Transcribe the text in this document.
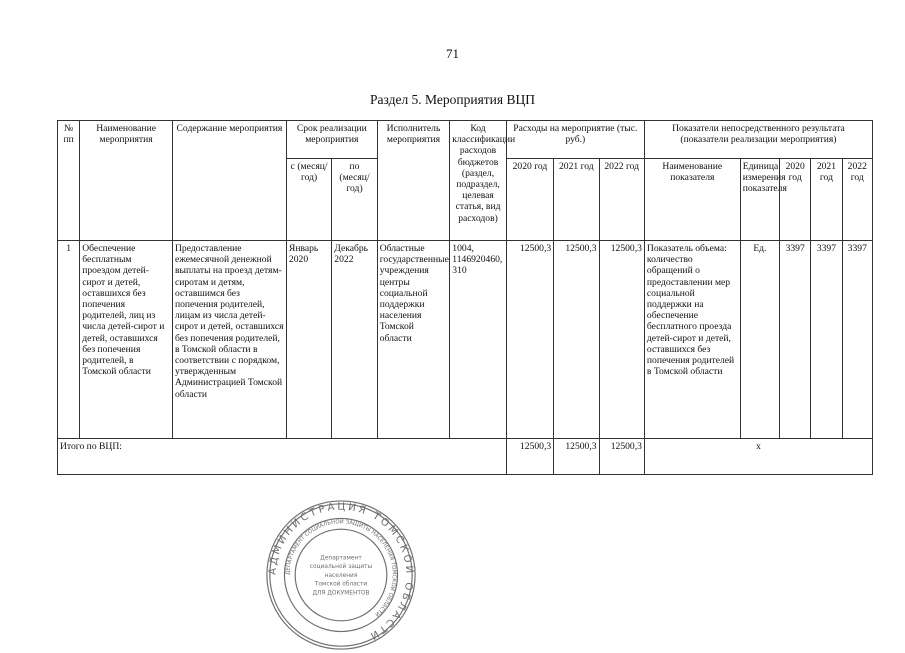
71
Раздел 5. Мероприятия ВЦП
№ пп	Наименование мероприятия	Содержание мероприятия	Срок реализации мероприятия		Исполнитель мероприятия	Код классификации расходов бюджетов (раздел, подраздел, целевая статья, вид расходов)	Расходы на мероприятие (тыс. руб.)			Показатели непосредственного результата (показатели реализации мероприятия)				
			с (месяц/ год)	по (месяц/ год)			2020 год	2021 год	2022 год	Наименование показателя	Единица измерения показателя	2020 год	2021 год	2022 год
1	Обеспечение бесплатным проездом детей-сирот и детей, оставшихся без попечения родителей, лиц из числа детей-сирот и детей, оставшихся без попечения родителей, в Томской области	Предоставление ежемесячной денежной выплаты на проезд детям-сиротам и детям, оставшимся без попечения родителей, лицам из числа детей-сирот и детей, оставшихся без попечения родителей, в Томской области в соответствии с порядком, утвержденным Администрацией Томской области	Январь 2020	Декабрь 2022	Областные государственные учреждения центры социальной поддержки населения Томской области	1004, 1146920460, 310	12500,3	12500,3	12500,3	Показатель объема: количество обращений о предоставлении мер социальной поддержки на обеспечение бесплатного проезда детей-сирот и детей, оставшихся без попечения родителей в Томской области	Ед.	3397	3397	3397
Итого по ВЦП:							12500,3	12500,3	12500,3	х				
АДМИНИСТРАЦИЯ ТОМСКОЙ ОБЛАСТИ
ДЕПАРТАМЕНТ СОЦИАЛЬНОЙ ЗАЩИТЫ НАСЕЛЕНИЯ ТОМСКОЙ ОБЛАСТИ
Департамент
социальной защиты
населения
Томской области
ДЛЯ ДОКУМЕНТОВ
